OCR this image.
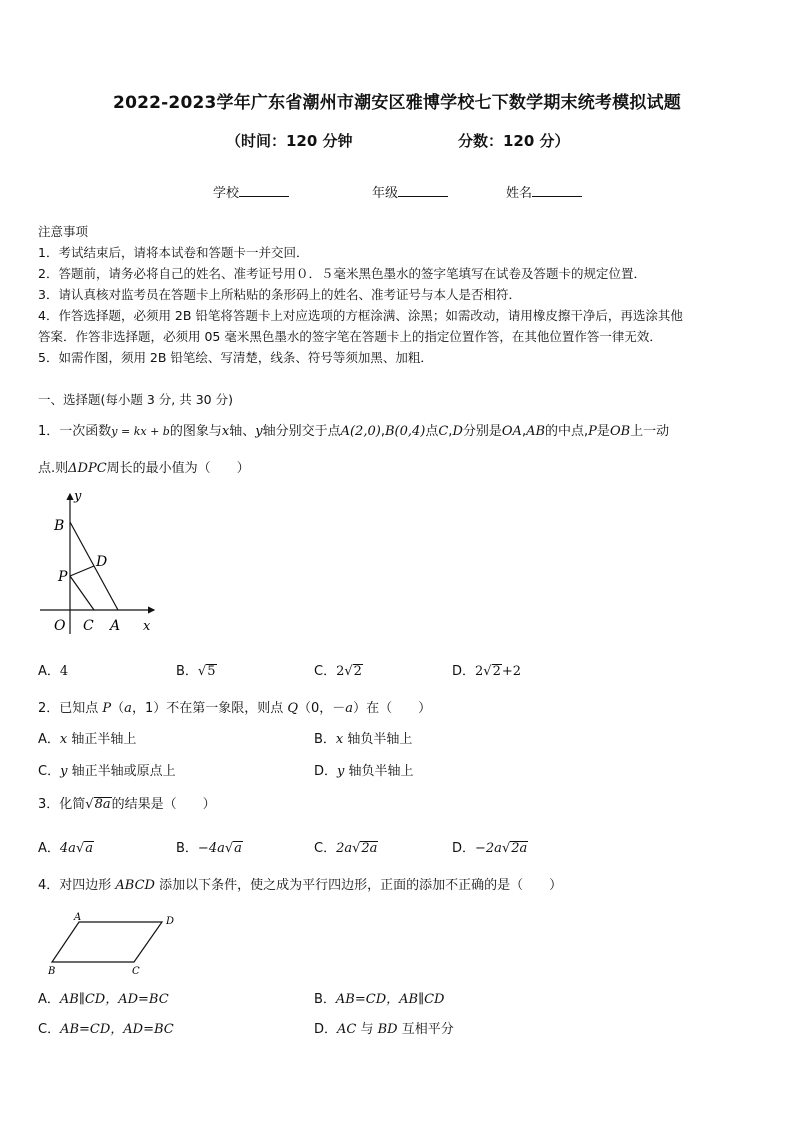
2022-2023学年广东省潮州市潮安区雅博学校七下数学期末统考模拟试题
（时间：120 分钟	分数：120 分）
学校	年级	姓名
注意事项
1．考试结束后，请将本试卷和答题卡一并交回．
2．答题前，请务必将自己的姓名、准考证号用０．５毫米黑色墨水的签字笔填写在试卷及答题卡的规定位置．
3．请认真核对监考员在答题卡上所粘贴的条形码上的姓名、准考证号与本人是否相符．
4．作答选择题，必须用 2B 铅笔将答题卡上对应选项的方框涂满、涂黑；如需改动，请用橡皮擦干净后，再选涂其他
答案．作答非选择题，必须用 05 毫米黑色墨水的签字笔在答题卡上的指定位置作答，在其他位置作答一律无效．
5．如需作图，须用 2B 铅笔绘、写清楚，线条、符号等须加黑、加粗．
一、选择题(每小题 3 分, 共 30 分)
1．一次函数y = kx + b的图象与x轴、y轴分别交于点A(2,0),B(0,4)点C,D分别是OA,AB的中点,P是OB上一动
点.则ΔDPC周长的最小值为（　　）
B
P
D
O C A x
y
A．4	B．√5	C．2√2	D．2√2+2
2．已知点 P（a，1）不在第一象限，则点 Q（0，－a）在（　　）
A．x 轴正半轴上	B．x 轴负半轴上
C．y 轴正半轴或原点上	D．y 轴负半轴上
3．化简√8a的结果是（　　）
A．4a√a	B．−4a√a	C．2a√2a	D．−2a√2a
4．对四边形 ABCD 添加以下条件，使之成为平行四边形，正面的添加不正确的是（　　）
A	D
B	C
A．AB∥CD，AD=BC	B．AB=CD，AB∥CD
C．AB=CD，AD=BC	D．AC 与 BD 互相平分
